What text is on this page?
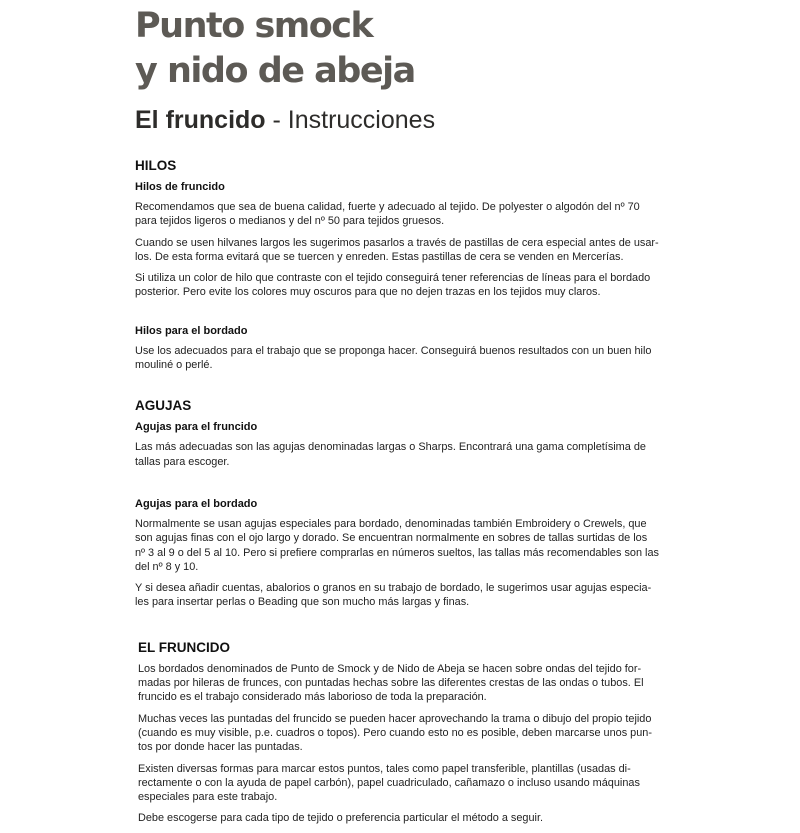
Punto smock
y nido de abeja
El fruncido - Instrucciones
HILOS
Hilos de fruncido

Recomendamos que sea de buena calidad, fuerte y adecuado al tejido. De polyester o algodón del nº 70

para tejidos ligeros o medianos y del nº 50 para tejidos gruesos.

Cuando se usen hilvanes largos les sugerimos pasarlos a través de pastillas de cera especial antes de usar-

los. De esta forma evitará que se tuercen y enreden. Estas pastillas de cera se venden en Mercerías.

Si utiliza un color de hilo que contraste con el tejido conseguirá tener referencias de líneas para el bordado

posterior. Pero evite los colores muy oscuros para que no dejen trazas en los tejidos muy claros.

Hilos para el bordado

Use los adecuados para el trabajo que se proponga hacer. Conseguirá buenos resultados con un buen hilo

mouliné o perlé.

AGUJAS
Agujas para el fruncido

Las más adecuadas son las agujas denominadas largas o Sharps. Encontrará una gama completísima de

tallas para escoger.

Agujas para el bordado

Normalmente se usan agujas especiales para bordado, denominadas también Embroidery o Crewels, que

son agujas finas con el ojo largo y dorado. Se encuentran normalmente en sobres de tallas surtidas de los

nº 3 al 9 o del 5 al 10. Pero si prefiere comprarlas en números sueltos, las tallas más recomendables son las

del nº 8 y 10.

Y si desea añadir cuentas, abalorios o granos en su trabajo de bordado, le sugerimos usar agujas especia-

les para insertar perlas o Beading que son mucho más largas y finas.

EL FRUNCIDO

Los bordados denominados de Punto de Smock y de Nido de Abeja se hacen sobre ondas del tejido for-

madas por hileras de frunces, con puntadas hechas sobre las diferentes crestas de las ondas o tubos. El

fruncido es el trabajo considerado más laborioso de toda la preparación.

Muchas veces las puntadas del fruncido se pueden hacer aprovechando la trama o dibujo del propio tejido

(cuando es muy visible, p.e. cuadros o topos). Pero cuando esto no es posible, deben marcarse unos pun-

tos por donde hacer las puntadas.

Existen diversas formas para marcar estos puntos, tales como papel transferible, plantillas (usadas di-

rectamente o con la ayuda de papel carbón), papel cuadriculado, cañamazo o incluso usando máquinas

especiales para este trabajo.

Debe escogerse para cada tipo de tejido o preferencia particular el método a seguir.
